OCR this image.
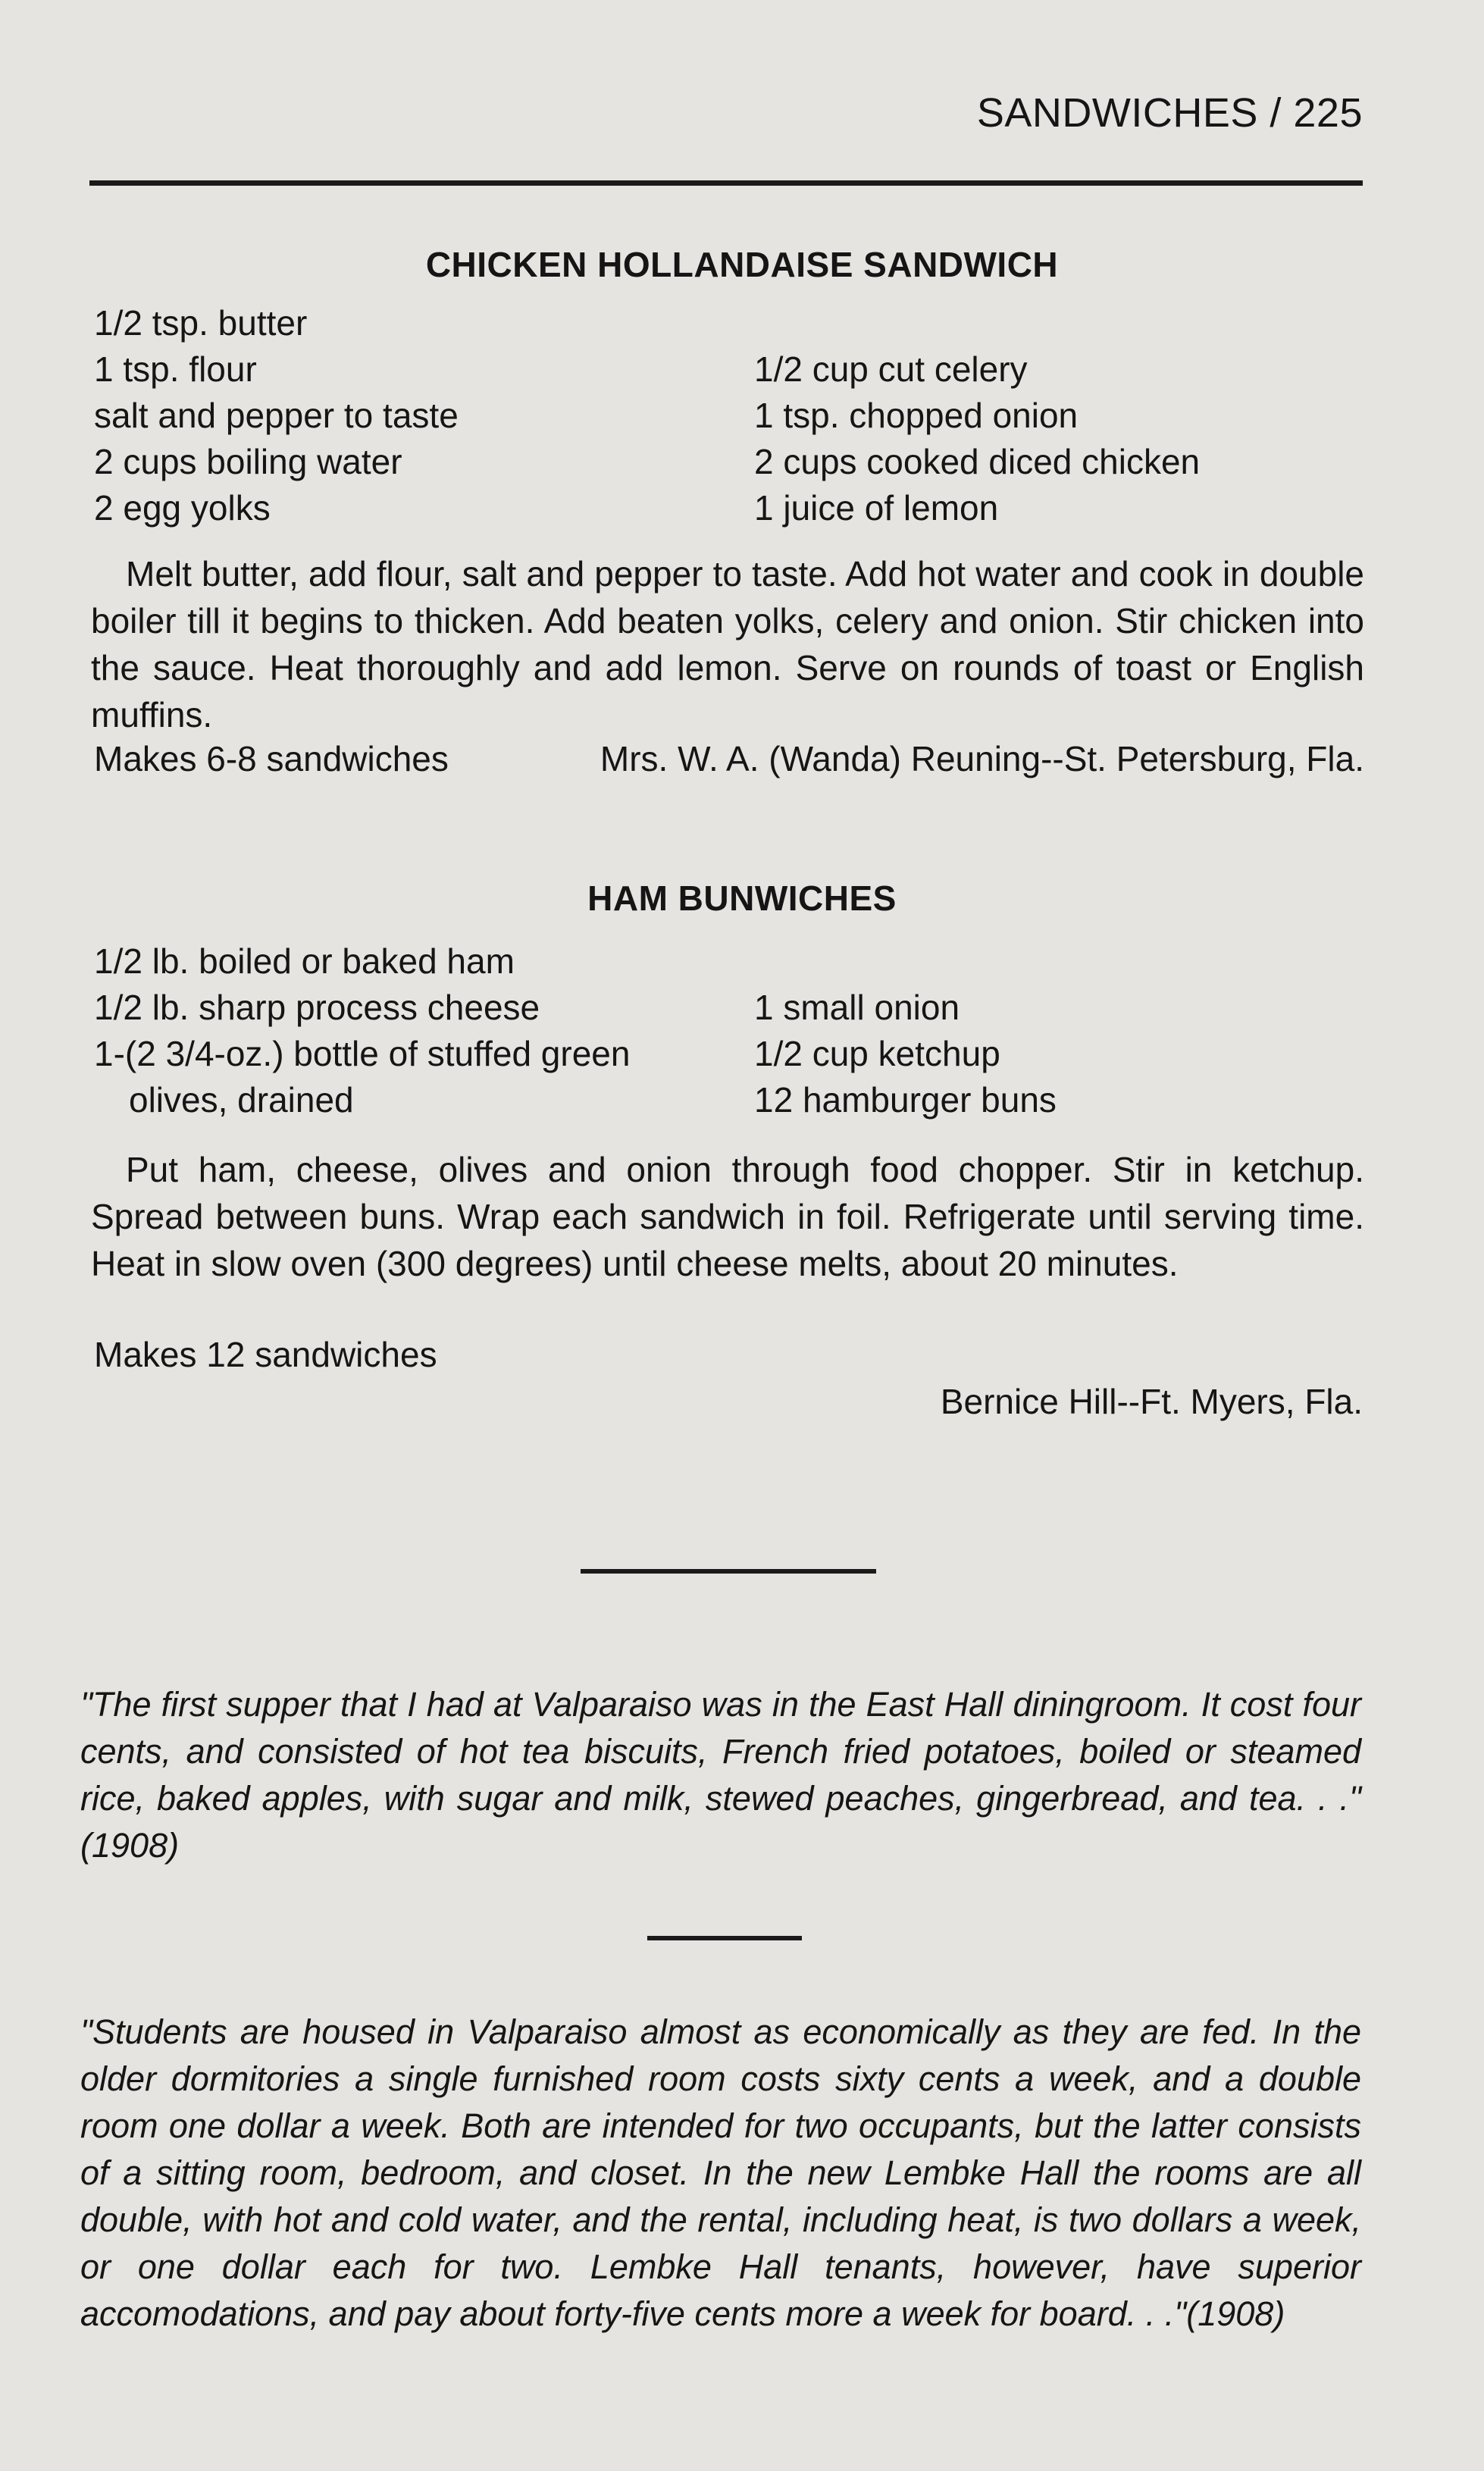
SANDWICHES / 225
CHICKEN HOLLANDAISE SANDWICH
1/2 tsp. butter
1 tsp. flour
salt and pepper to taste
2 cups boiling water
2 egg yolks
1/2 cup cut celery
1 tsp. chopped onion
2 cups cooked diced chicken
1 juice of lemon

Melt butter, add flour, salt and pepper to taste. Add hot water and cook in double boiler till it begins to thicken. Add beaten yolks, celery and onion. Stir chicken into the sauce. Heat thoroughly and add lemon. Serve on rounds of toast or English muffins.

Makes 6-8 sandwiches	Mrs. W. A. (Wanda) Reuning--St. Petersburg, Fla.
HAM BUNWICHES
1/2 lb. boiled or baked ham
1/2 lb. sharp process cheese
1-(2 3/4-oz.) bottle of stuffed green
olives, drained
1 small onion
1/2 cup ketchup
12 hamburger buns

Put ham, cheese, olives and onion through food chopper. Stir in ketchup. Spread between buns. Wrap each sandwich in foil. Refrigerate until serving time. Heat in slow oven (300 degrees) until cheese melts, about 20 minutes.

Makes 12 sandwiches
Bernice Hill--Ft. Myers, Fla.
"The first supper that I had at Valparaiso was in the East Hall diningroom. It cost four cents, and consisted of hot tea biscuits, French fried potatoes, boiled or steamed rice, baked apples, with sugar and milk, stewed peaches, gingerbread, and tea. . ."(1908)
"Students are housed in Valparaiso almost as economically as they are fed. In the older dormitories a single furnished room costs sixty cents a week, and a double room one dollar a week. Both are intended for two occupants, but the latter consists of a sitting room, bedroom, and closet. In the new Lembke Hall the rooms are all double, with hot and cold water, and the rental, including heat, is two dollars a week, or one dollar each for two. Lembke Hall tenants, however, have superior accomodations, and pay about forty-five cents more a week for board. . ."(1908)
